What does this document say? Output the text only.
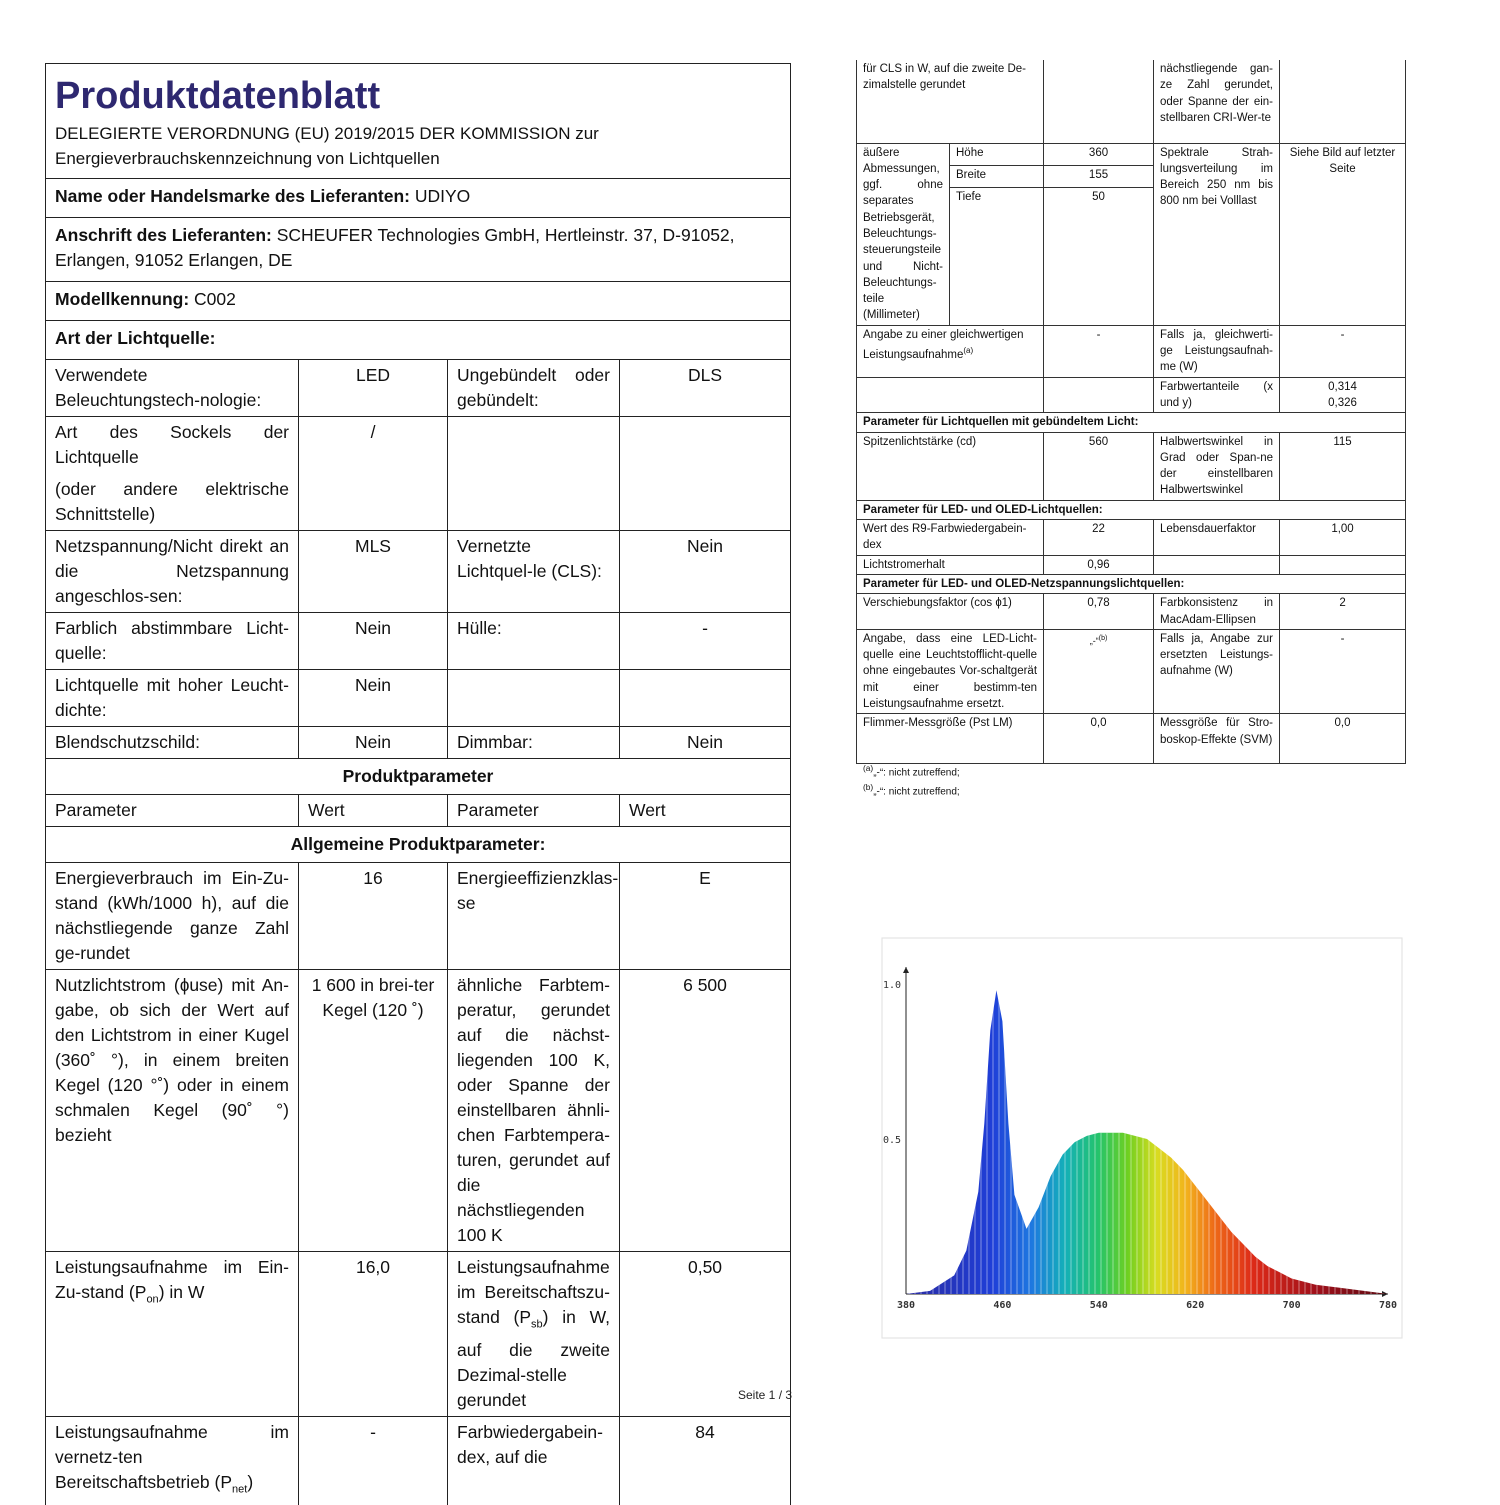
Produktdatenblatt
DELEGIERTE VERORDNUNG (EU) 2019/2015 DER KOMMISSION zur Energieverbrauchskennzeichnung von Lichtquellen			

Name oder Handelsmarke des Lieferanten: UDIYO			
Anschrift des Lieferanten: SCHEUFER Technologies GmbH, Hertleinstr. 37, D-91052, Erlangen, 91052 Erlangen, DE			
Modellkennung: C002			
Art der Lichtquelle:			
Verwendete Beleuchtungstech-nologie:	LED	Ungebündelt oder gebündelt:	DLS

Art des Sockels der Lichtquelle
(oder andere elektrische Schnittstelle)	/		
Netzspannung/Nicht direkt an die Netzspannung angeschlos-sen:	MLS	Vernetzte Lichtquel-le (CLS):	Nein
Farblich abstimmbare Licht-quelle:	Nein	Hülle:	-
Lichtquelle mit hoher Leucht-dichte:	Nein		
Blendschutzschild:	Nein	Dimmbar:	Nein
Produktparameter			
Parameter	Wert	Parameter	Wert
Allgemeine Produktparameter:			
Energieverbrauch im Ein-Zu-stand (kWh/1000 h), auf die nächstliegende ganze Zahl ge-rundet	16	Energieeffizienzklas-se	E
Nutzlichtstrom (ɸuse) mit An-gabe, ob sich der Wert auf den Lichtstrom in einer Kugel (360˚ °), in einem breiten Kegel (120 °˚) oder in einem schmalen Kegel (90˚ °) bezieht	1 600 in brei-ter Kegel (120 ˚)	ähnliche Farbtem-peratur, gerundet auf die nächst-liegenden 100 K, oder Spanne der einstellbaren ähnli-chen Farbtempera-turen, gerundet auf die nächstliegenden 100 K	6 500
Leistungsaufnahme im Ein-Zu-stand $(P_{on})$ in W	16,0	Leistungsaufnahme im Bereitschaftszu-stand $(P_{sb})$ in W, auf die zweite Dezimal-stelle gerundet	0,50
Leistungsaufnahme im vernetz-ten Bereitschaftsbetrieb $(P_{net})$	-	Farbwiedergabein-dex, auf die	84
Seite 1 / 3
für CLS in W, auf die zweite De-zimalstelle gerundet			nächstliegende gan-ze Zahl gerundet, oder Spanne der ein-stellbaren CRI-Wer-te	
äußere Abmessungen, ggf. ohne separates Betriebsgerät, Beleuchtungs-steuerungsteile und Nicht-Beleuchtungs-teile (Millimeter)	Höhe	360	Spektrale Strah-lungsverteilung im Bereich 250 nm bis 800 nm bei Volllast	Siehe Bild auf letzter Seite
	Breite	155		
	Tiefe	50		
Angabe zu einer gleichwertigen Leistungsaufnahme$^{(a)}$		-	Falls ja, gleichwerti-ge Leistungsaufnah-me (W)	-
			Farbwertanteile (x und y)	0,314
0,326

Parameter für Lichtquellen mit gebündeltem Licht:				
Spitzenlichtstärke (cd)		560	Halbwertswinkel in Grad oder Span-ne der einstellbaren Halbwertswinkel	115
Parameter für LED- und OLED-Lichtquellen:				
Wert des R9-Farbwiedergabein-dex		22	Lebensdauerfaktor	1,00
Lichtstromerhalt		0,96		
Parameter für LED- und OLED-Netzspannungslichtquellen:				
Verschiebungsfaktor (cos ɸ1)		0,78	Farbkonsistenz in MacAdam-Ellipsen	2
Angabe, dass eine LED-Licht-quelle eine Leuchtstofflicht-quelle ohne eingebautes Vor-schaltgerät mit einer bestimm-ten Leistungsaufnahme ersetzt.		„-“$^{(b)}$	Falls ja, Angabe zur ersetzten Leistungs-aufnahme (W)	-
Flimmer-Messgröße (Pst LM)		0,0	Messgröße für Stro-boskop-Effekte (SVM)	0,0
$^{(a)}$„-“: nicht zutreffend;
$^{(b)}$„-“: nicht zutreffend;
380	460	540	620	700	780
0.5
1.0
